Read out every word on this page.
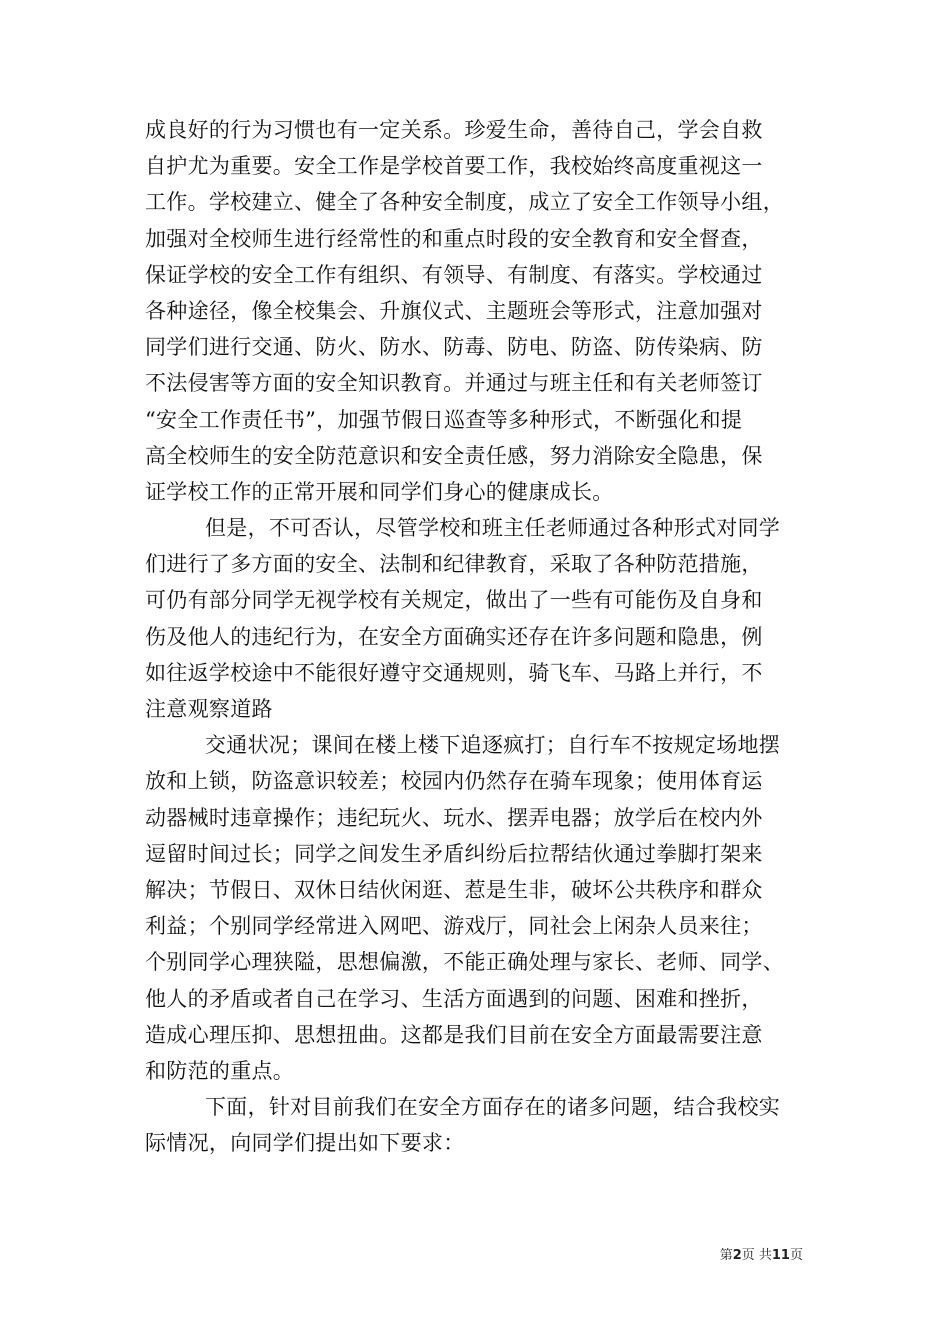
成良好的行为习惯也有一定关系。珍爱生命，善待自己，学会自救
自护尤为重要。安全工作是学校首要工作，我校始终高度重视这一
工作。学校建立、健全了各种安全制度，成立了安全工作领导小组，
加强对全校师生进行经常性的和重点时段的安全教育和安全督查，
保证学校的安全工作有组织、有领导、有制度、有落实。学校通过
各种途径，像全校集会、升旗仪式、主题班会等形式，注意加强对
同学们进行交通、防火、防水、防毒、防电、防盗、防传染病、防
不法侵害等方面的安全知识教育。并通过与班主任和有关老师签订
“安全工作责任书”，加强节假日巡查等多种形式，不断强化和提
高全校师生的安全防范意识和安全责任感，努力消除安全隐患，保
证学校工作的正常开展和同学们身心的健康成长。
但是，不可否认，尽管学校和班主任老师通过各种形式对同学
们进行了多方面的安全、法制和纪律教育，采取了各种防范措施，
可仍有部分同学无视学校有关规定，做出了一些有可能伤及自身和
伤及他人的违纪行为，在安全方面确实还存在许多问题和隐患，例
如往返学校途中不能很好遵守交通规则，骑飞车、马路上并行，不
注意观察道路
交通状况；课间在楼上楼下追逐疯打；自行车不按规定场地摆
放和上锁，防盗意识较差；校园内仍然存在骑车现象；使用体育运
动器械时违章操作；违纪玩火、玩水、摆弄电器；放学后在校内外
逗留时间过长；同学之间发生矛盾纠纷后拉帮结伙通过拳脚打架来
解决；节假日、双休日结伙闲逛、惹是生非，破坏公共秩序和群众
利益；个别同学经常进入网吧、游戏厅，同社会上闲杂人员来往；
个别同学心理狭隘，思想偏激，不能正确处理与家长、老师、同学、
他人的矛盾或者自己在学习、生活方面遇到的问题、困难和挫折，
造成心理压抑、思想扭曲。这都是我们目前在安全方面最需要注意
和防范的重点。
下面，针对目前我们在安全方面存在的诸多问题，结合我校实
际情况，向同学们提出如下要求：
第2页 共11页
